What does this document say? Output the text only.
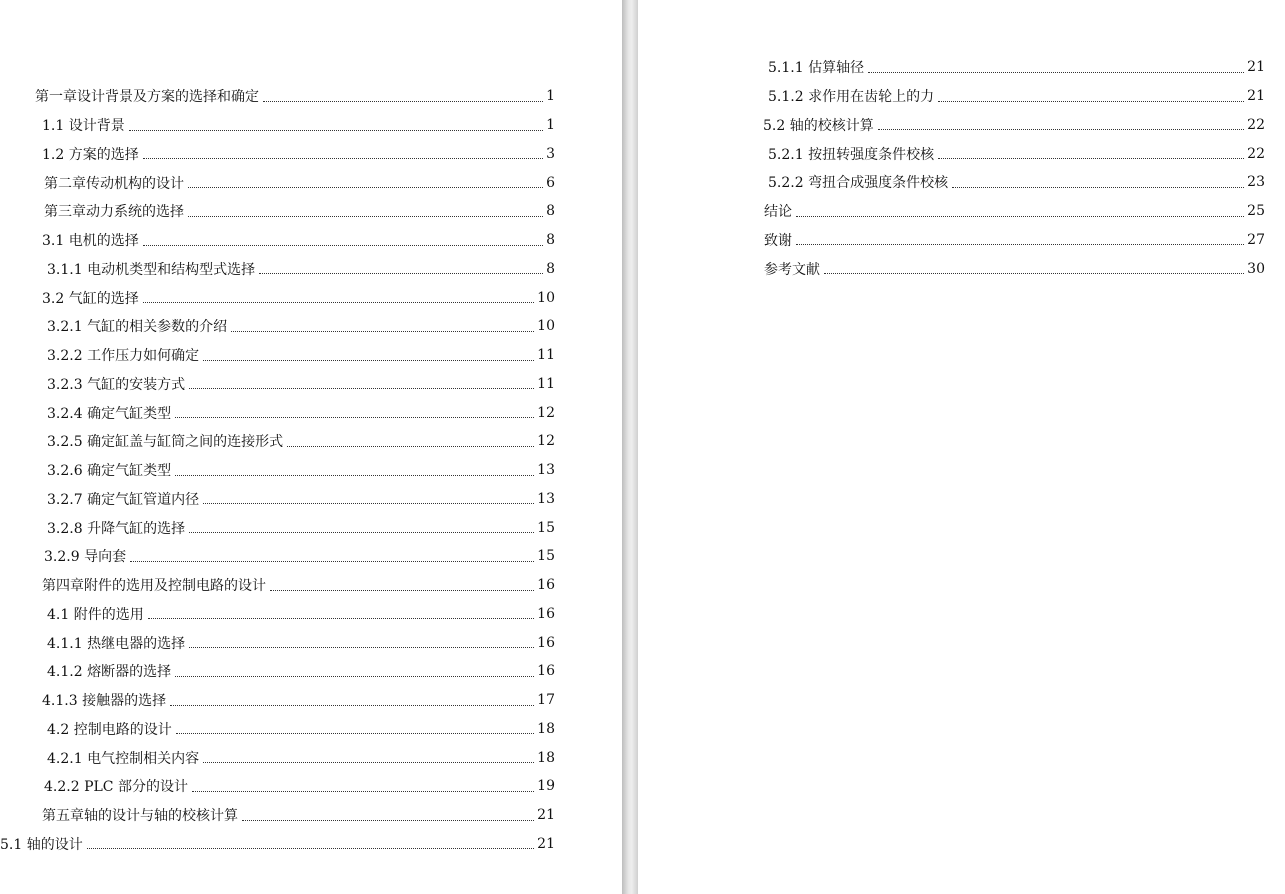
第一章设计背景及方案的选择和确定	1
1.1 设计背景	1
1.2 方案的选择	3
第二章传动机构的设计	6
第三章动力系统的选择	8
3.1 电机的选择	8
3.1.1 电动机类型和结构型式选择	8
3.2 气缸的选择	10
3.2.1 气缸的相关参数的介绍	10
3.2.2 工作压力如何确定	11
3.2.3 气缸的安装方式	11
3.2.4 确定气缸类型	12
3.2.5 确定缸盖与缸筒之间的连接形式	12
3.2.6 确定气缸类型	13
3.2.7 确定气缸管道内径	13
3.2.8 升降气缸的选择	15
3.2.9 导向套	15
第四章附件的选用及控制电路的设计	16
4.1 附件的选用	16
4.1.1 热继电器的选择	16
4.1.2 熔断器的选择	16
4.1.3 接触器的选择	17
4.2 控制电路的设计	18
4.2.1 电气控制相关内容	18
4.2.2 PLC 部分的设计	19
第五章轴的设计与轴的校核计算	21
5.1 轴的设计	21
5.1.1 估算轴径	21
5.1.2 求作用在齿轮上的力	21
5.2 轴的校核计算	22
5.2.1 按扭转强度条件校核	22
5.2.2 弯扭合成强度条件校核	23
结论	25
致谢	27
参考文献	30
